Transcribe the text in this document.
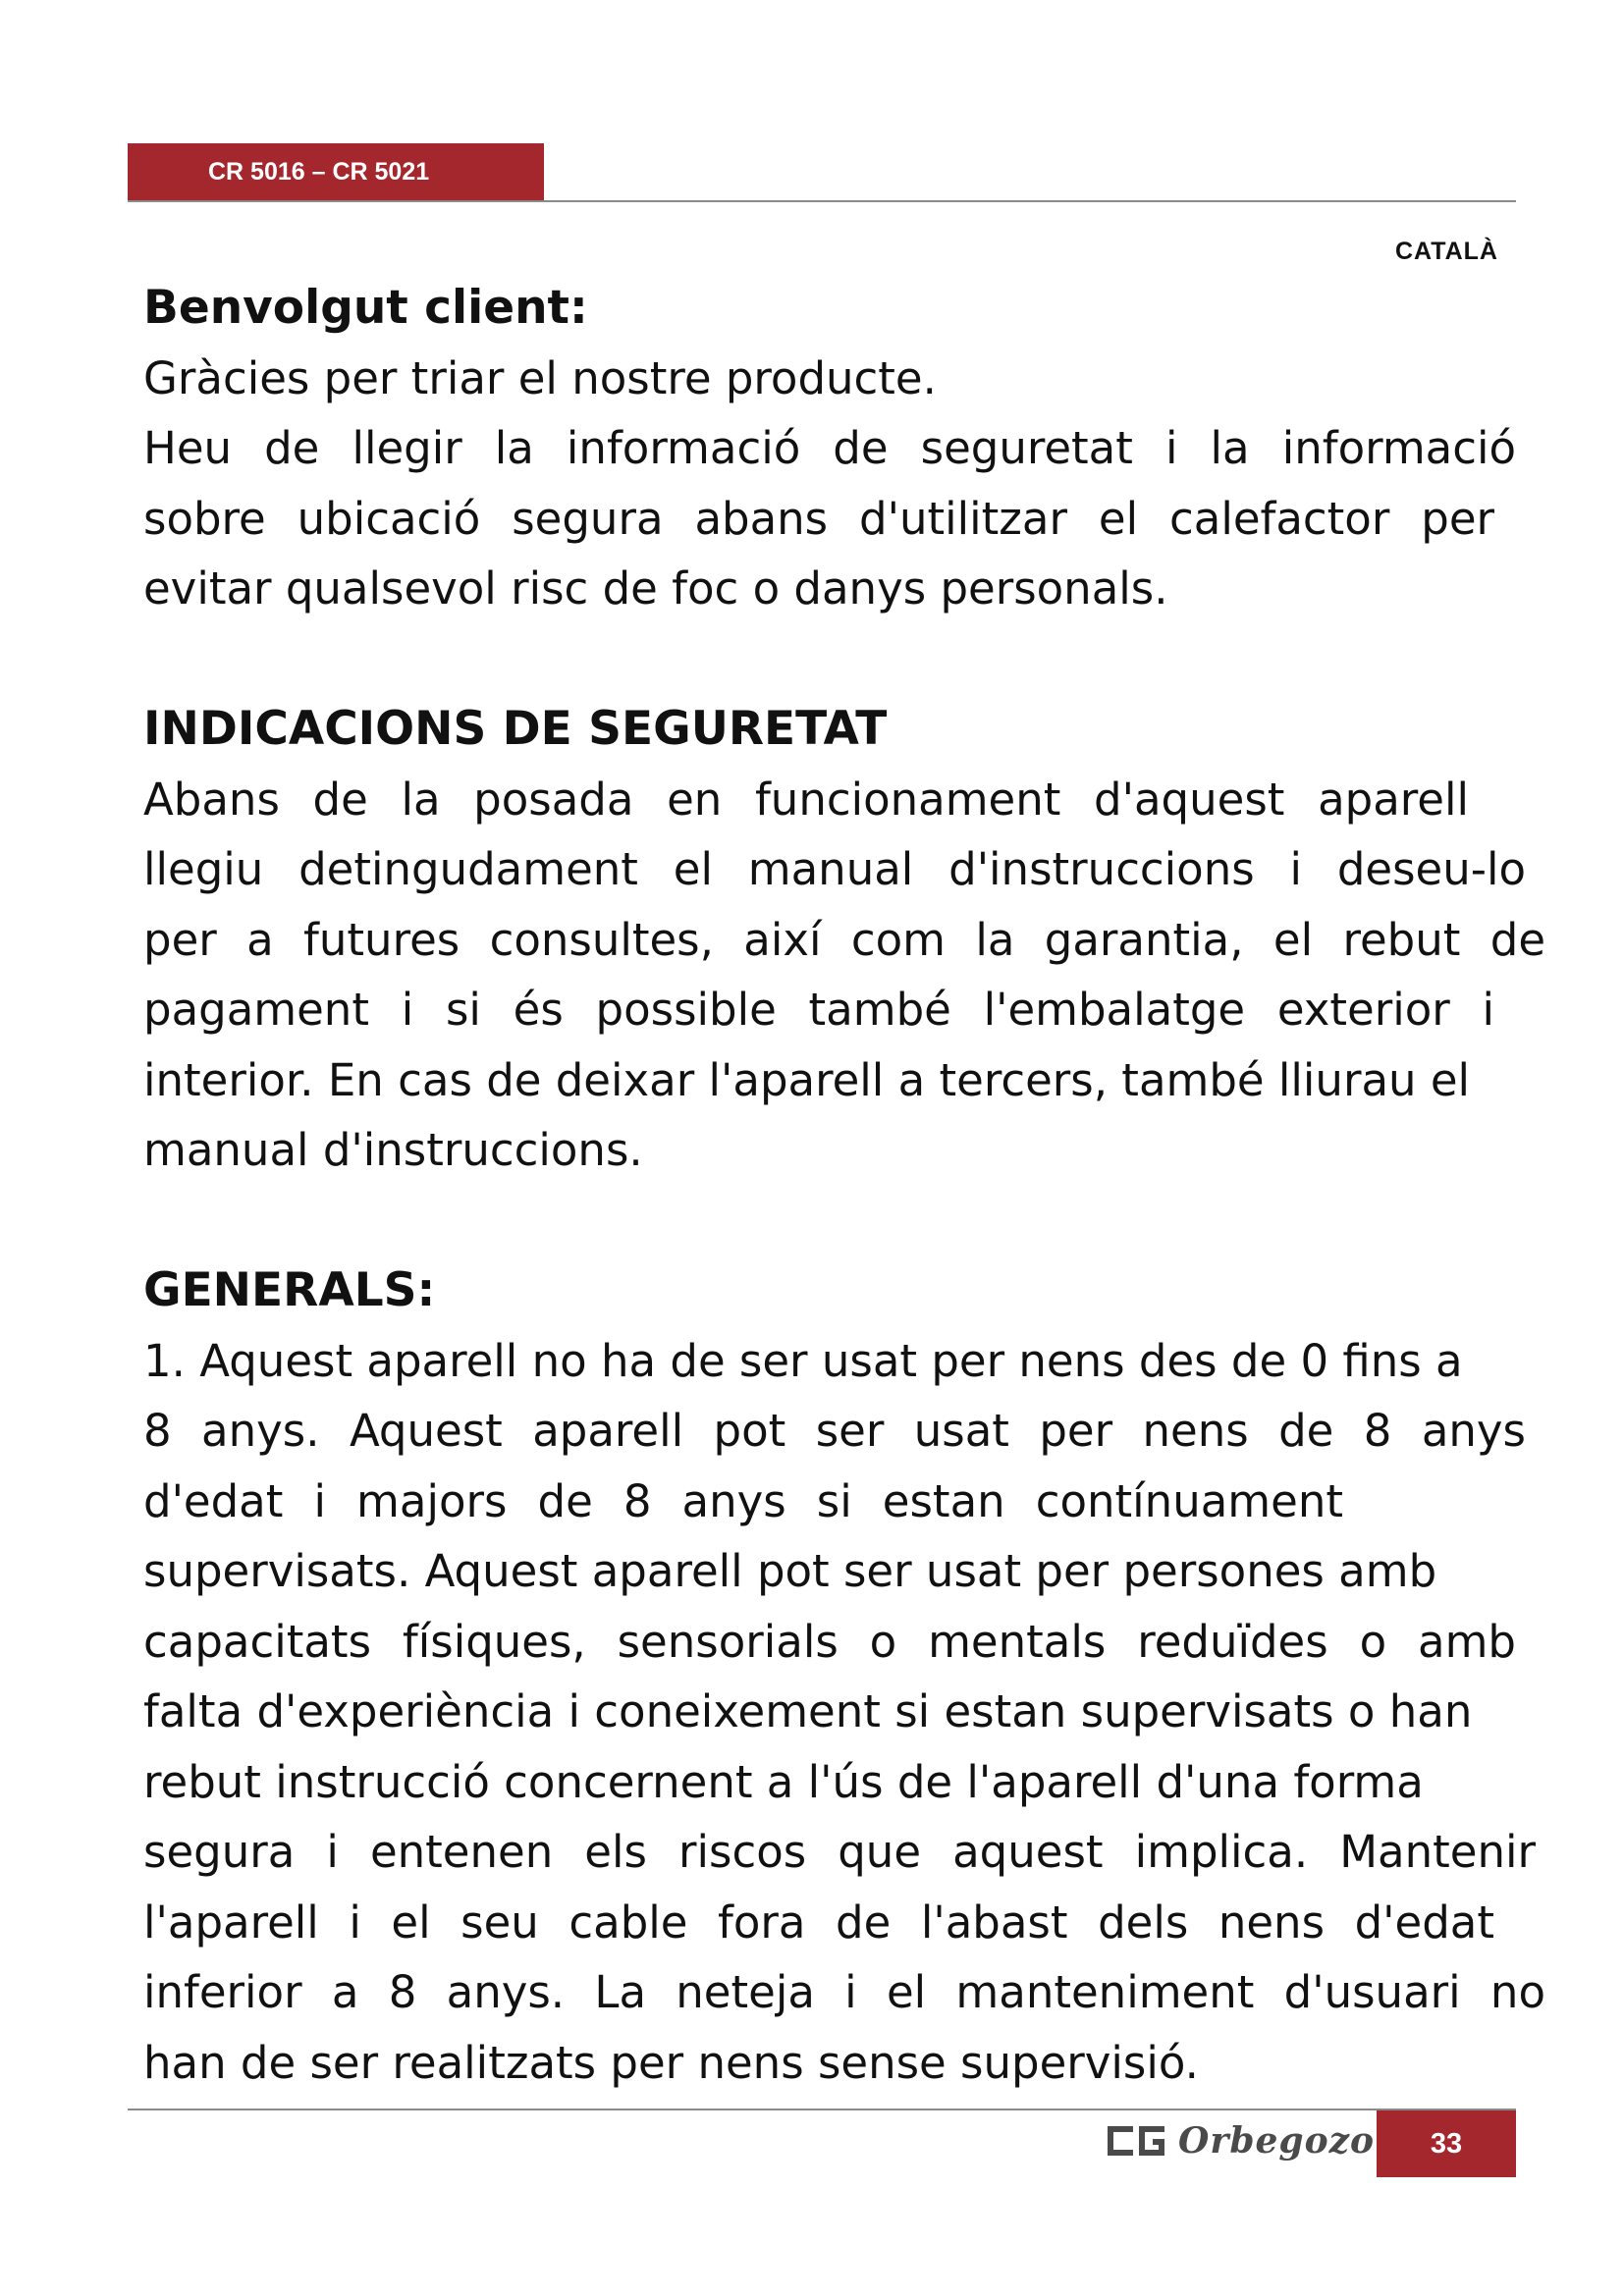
CR 5016 – CR 5021
CATALÀ
Benvolgut client:

Gràcies per triar el nostre producte.

Heu de llegir la informació de seguretat i la informació

sobre ubicació segura abans d'utilitzar el calefactor per

evitar qualsevol risc de foc o danys personals.

INDICACIONS DE SEGURETAT

Abans de la posada en funcionament d'aquest aparell

llegiu detingudament el manual d'instruccions i deseu-lo

per a futures consultes, així com la garantia, el rebut de

pagament i si és possible també l'embalatge exterior i

interior. En cas de deixar l'aparell a tercers, també lliurau el

manual d'instruccions.

GENERALS:

1. Aquest aparell no ha de ser usat per nens des de 0 fins a

8 anys. Aquest aparell pot ser usat per nens de 8 anys

d'edat i majors de 8 anys si estan contínuament

supervisats. Aquest aparell pot ser usat per persones amb

capacitats físiques, sensorials o mentals reduïdes o amb

falta d'experiència i coneixement si estan supervisats o han

rebut instrucció concernent a l'ús de l'aparell d'una forma

segura i entenen els riscos que aquest implica. Mantenir

l'aparell i el seu cable fora de l'abast dels nens d'edat

inferior a 8 anys. La neteja i el manteniment d'usuari no

han de ser realitzats per nens sense supervisió.

Orbegozo	33
